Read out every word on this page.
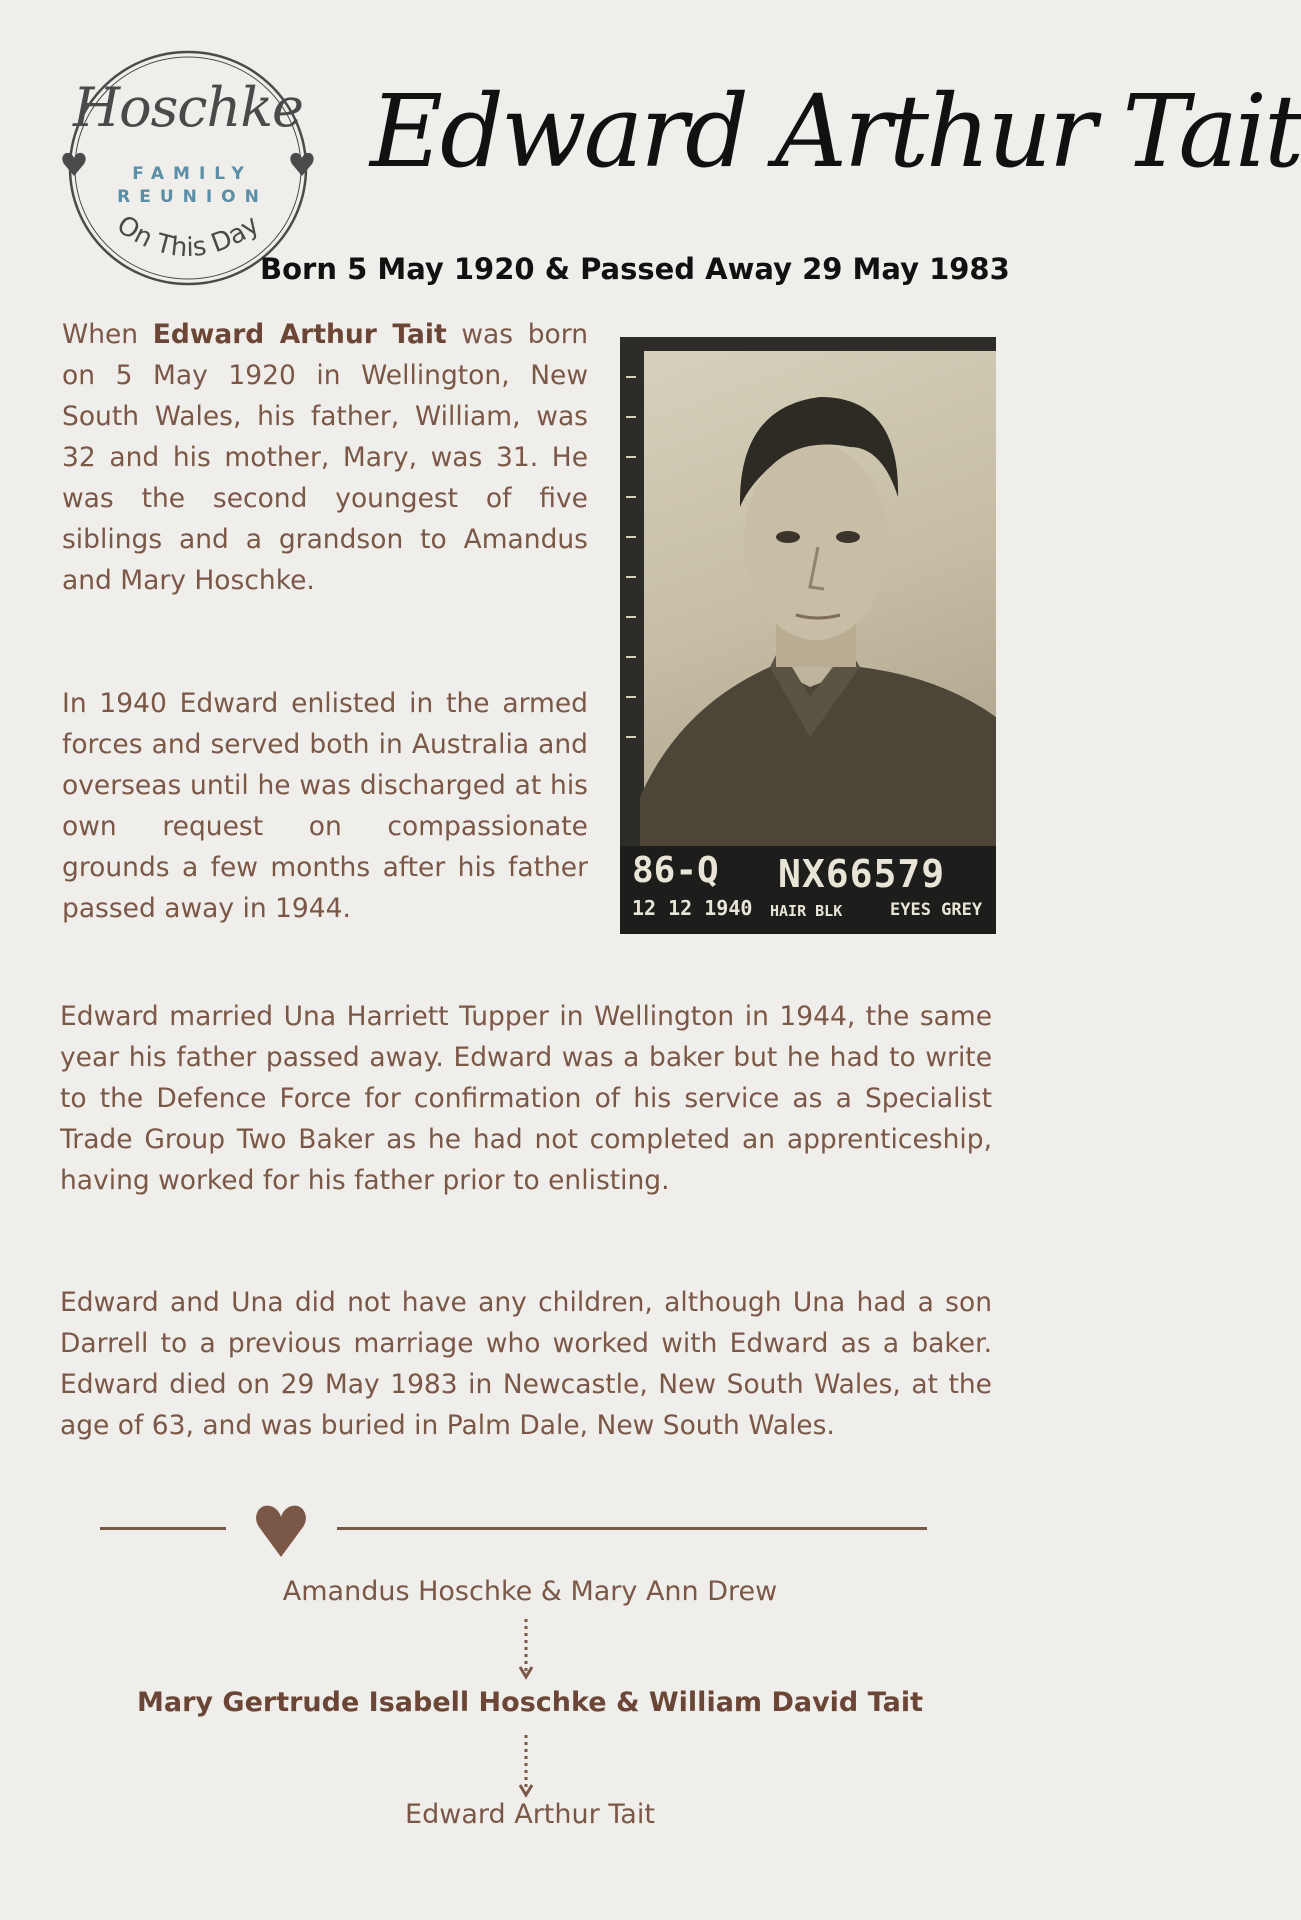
On This Day
Hoschke
FAMILY
REUNION
Edward Arthur Tait
Born 5 May 1920 & Passed Away 29 May 1983

When Edward Arthur Tait was born on 5 May 1920 in Wellington, New South Wales, his father, William, was 32 and his mother, Mary, was 31. He was the second youngest of five siblings and a grandson to Amandus and Mary Hoschke.

In 1940 Edward enlisted in the armed forces and served both in Australia and overseas until he was discharged at his own request on compassionate grounds a few months after his father passed away in 1944.

86-Q NX66579
12 12 1940 HAIR BLK	EYES GREY

Edward married Una Harriett Tupper in Wellington in 1944, the same year his father passed away. Edward was a baker but he had to write to the Defence Force for confirmation of his service as a Specialist Trade Group Two Baker as he had not completed an apprenticeship, having worked for his father prior to enlisting.

Edward and Una did not have any children, although Una had a son Darrell to a previous marriage who worked with Edward as a baker. Edward died on 29 May 1983 in Newcastle, New South Wales, at the age of 63, and was buried in Palm Dale, New South Wales.

Amandus Hoschke & Mary Ann Drew
Mary Gertrude Isabell Hoschke & William David Tait
Edward Arthur Tait
